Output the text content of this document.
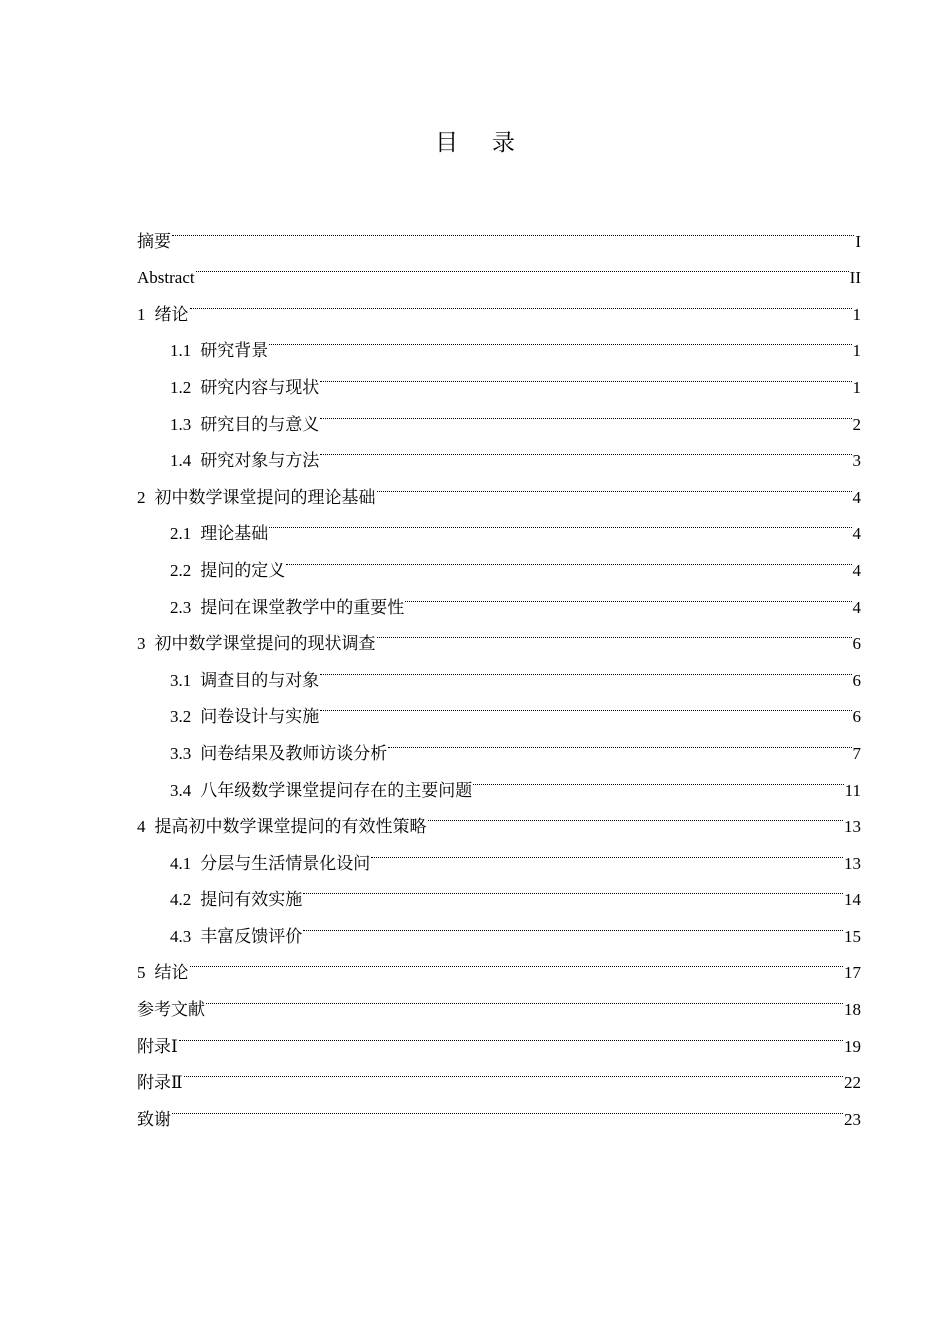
目 录
摘要	I
Abstract	II
1 绪论	1
1.1 研究背景	1
1.2 研究内容与现状	1
1.3 研究目的与意义	2
1.4 研究对象与方法	3
2 初中数学课堂提问的理论基础	4
2.1 理论基础	4
2.2 提问的定义	4
2.3 提问在课堂教学中的重要性	4
3 初中数学课堂提问的现状调查	6
3.1 调查目的与对象	6
3.2 问卷设计与实施	6
3.3 问卷结果及教师访谈分析	7
3.4 八年级数学课堂提问存在的主要问题	11
4 提高初中数学课堂提问的有效性策略	13
4.1 分层与生活情景化设问	13
4.2 提问有效实施	14
4.3 丰富反馈评价	15
5 结论	17
参考文献	18
附录Ⅰ	19
附录Ⅱ	22
致谢	23
